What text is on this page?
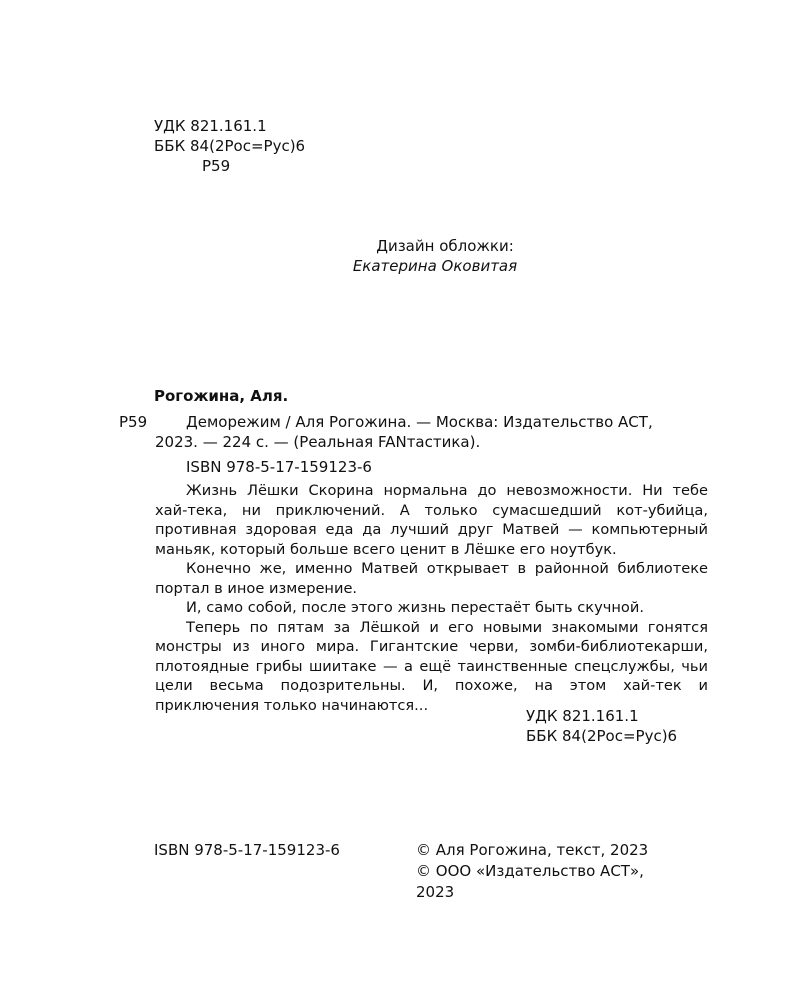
УДК 821.161.1
ББК 84(2Рос=Рус)6
Р59
Дизайн обложки:
Екатерина Оковитая
Рогожина, Аля.
Р59	Деморежим / Аля Рогожина. — Москва: Издательство АСТ,
2023. — 224 с. — (Реальная FANтастика).
ISBN 978-5-17-159123-6

Жизнь Лёшки Скорина нормальна до невозможности. Ни тебе хай-тека, ни приключений. А только сумасшедший кот-убийца, противная здоровая еда да лучший друг Матвей — компьютерный маньяк, который больше всего ценит в Лёшке его ноутбук.

Конечно же, именно Матвей открывает в районной библиотеке портал в иное измерение.

И, само собой, после этого жизнь перестаёт быть скучной.

Теперь по пятам за Лёшкой и его новыми знакомыми гонятся монстры из иного мира. Гигантские черви, зомби-библиотекарши, плотоядные грибы шиитаке — а ещё таинственные спецслужбы, чьи цели весьма подозрительны. И, похоже, на этом хай-тек и приключения только начинаются...

УДК 821.161.1
ББК 84(2Рос=Рус)6
ISBN 978-5-17-159123-6	© Аля Рогожина, текст, 2023
© ООО «Издательство АСТ»,
2023
